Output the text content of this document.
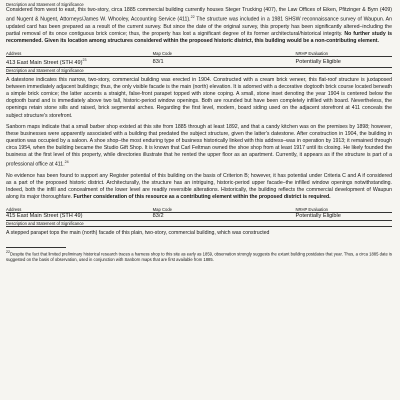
Description and Statement of Significance

Considered from west to east, this two-story, circa 1885 commercial building currently houses Steger Trucking (407), the Law Offices of Eiken, Pfitzinger & Byrn (409) and Nugent & Nugent, Attorneys/James W. Whooley, Accounting Service (411).$^{22}$ The structure was included in a 1981 SHSW reconnaissance survey of Waupun. An updated card has been prepared as a result of the current survey. But since the date of the original survey, this property has been significantly altered–including the partial removal of its once contiguous brick cornice; thus, the property has lost a significant degree of its former architectural/historical integrity. No further study is recommended. Given its location among structures considered within the proposed historic district, this building would be a non-contributing element.

Address	Map Code	NRHP Evaluation
413 East Main Street (STH 49)$^{23}$	83/1	Potentially Eligible
Description and Statement of Significance

A datestone indicates this narrow, two-story, commercial building was erected in 1904. Constructed with a cream brick veneer, this flat-roof structure is juxtaposed between immediately adjacent buildings; thus, the only visible facade is the main (north) elevation. It is adorned with a decorative dogtooth brick course located beneath a simple brick cornice; the latter accents a straight, false-front parapet topped with stone coping. A small, stone inset denoting the year 1904 is centered below the dogtooth band and is immediately above two tall, historic-period window openings. Both are rounded but have been completely infilled with board. Nevertheless, the openings retain stone sills and raised, brick segmental arches. Regarding the first level, modern, board siding used on the adjacent storefront at 411 conceals the subject structure's storefront.

Sanborn maps indicate that a small barber shop existed at this site from 1885 through at least 1892, and that a candy kitchen was on the premises by 1898; however, these businesses were apparently associated with a building that predated the subject structure, given the latter's datestone. After construction in 1904, the building in question was occupied by a saloon. A shoe shop–the most enduring type of business historically linked with this address–was in operation by 1913; it remained through circa 1954, when the building became the Studio Gift Shop. It is known that Carl Feltman owned the shoe shop from at least 1917 until its closing. He likely founded the business at the first level of this property, while directories illustrate that he rented the upper floor as an apartment. Currently, it appears as if the structure is part of a professional office at 411.24

No evidence has been found to support any Register potential of this building on the basis of Criterion B; however, it has potential under Criteria C and A if considered as a part of the proposed historic district. Architecturally, the structure has an intriguing, historic-period upper facade–the infilled window openings notwithstanding. Indeed, both the infill and concealment of the lower level are readily reversible alterations. Historically, the building reflects the commercial development of Waupun along its major thoroughfare. Further consideration of this resource as a contributing element within the proposed district is required.

Address	Map Code	NRHP Evaluation
415 East Main Street (STH 49)	83/2	Potentially Eligible
Description and Statement of Significance

A stepped parapet tops the main (north) facade of this plain, two-story, commercial building, which was constructed

$^{22}$Despite the fact that limited preliminary historical research traces a harness shop to this site as early as 1859, observation strongly suggests the extant building postdates that year. Thus, a circa 1885 date is suggested on the basis of observation, used in conjunction with Sanborn maps that are first available from 1885.
